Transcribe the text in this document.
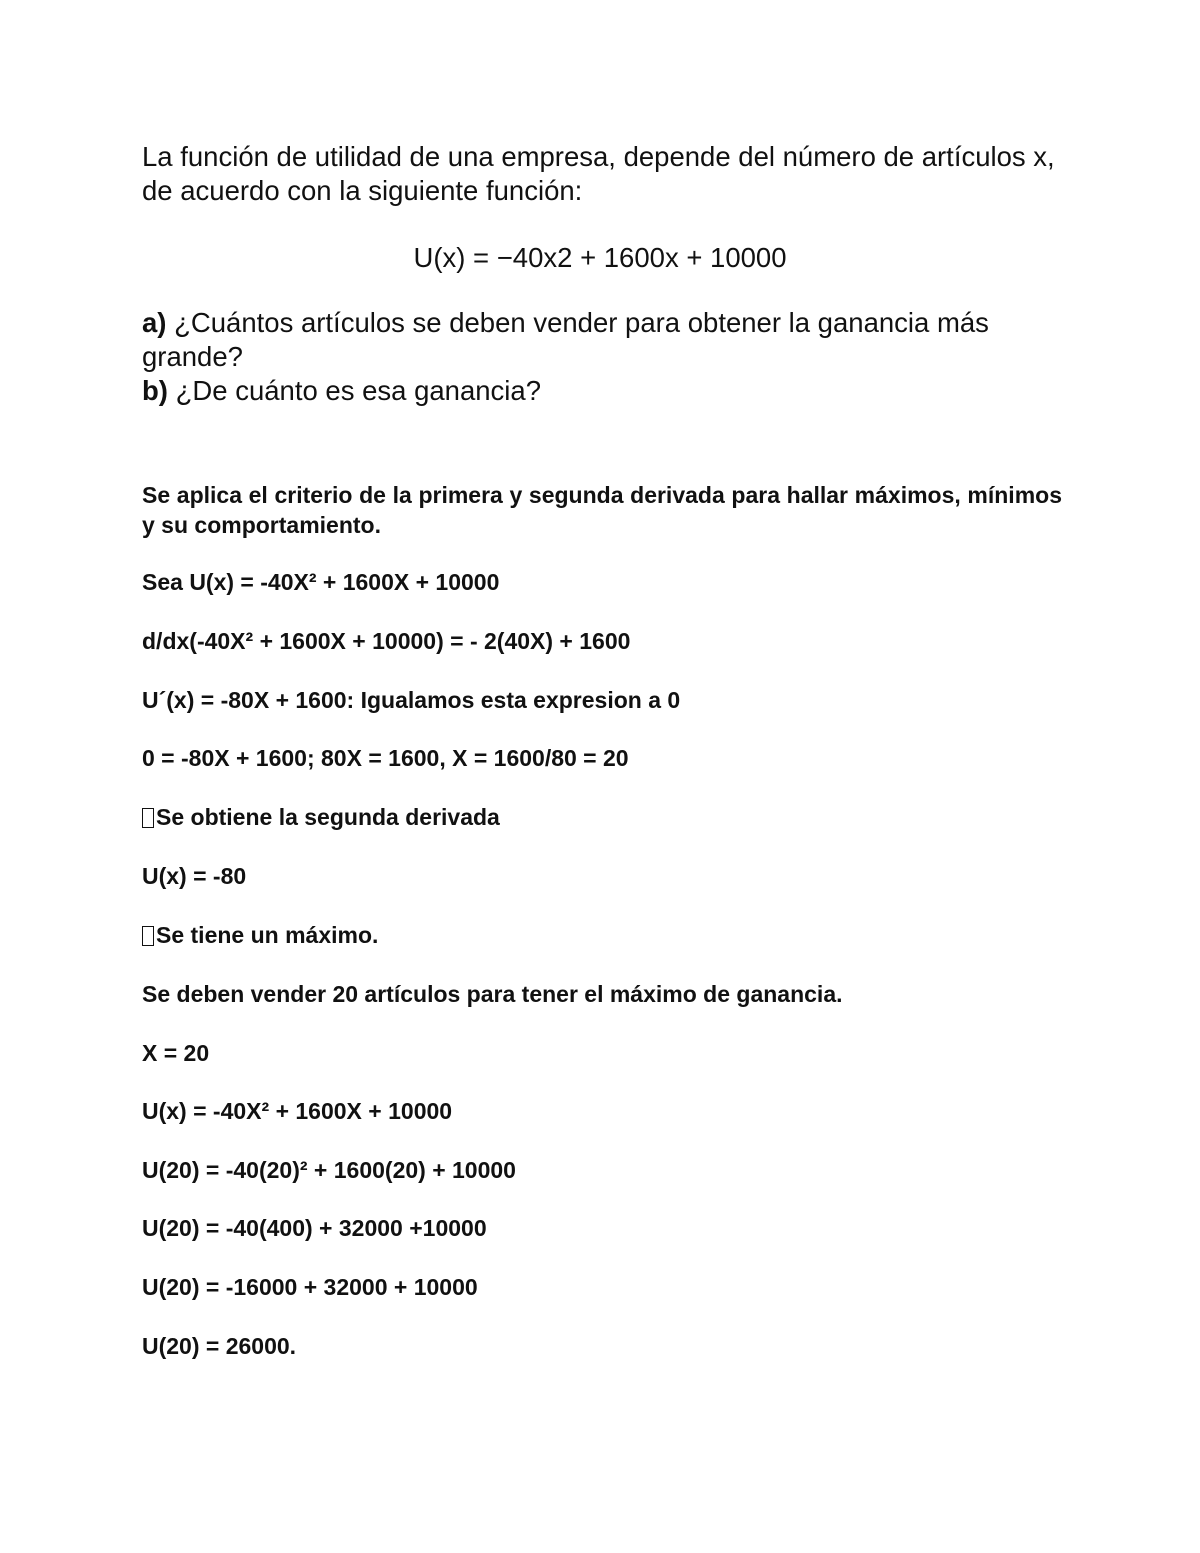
La función de utilidad de una empresa, depende del número de artículos x, de acuerdo con la siguiente función:

U(x) = −40x2 + 1600x + 10000

a) ¿Cuántos artículos se deben vender para obtener la ganancia más grande?

b) ¿De cuánto es esa ganancia?

Se aplica el criterio de la primera y segunda derivada para hallar máximos, mínimos y su comportamiento.
Sea U(x) = -40X² + 1600X + 10000
d/dx(-40X² + 1600X + 10000) = - 2(40X) + 1600
U´(x) = -80X + 1600: Igualamos esta expresion a 0
0 = -80X + 1600; 80X = 1600, X = 1600/80 = 20
Se obtiene la segunda derivada
U(x) = -80
Se tiene un máximo.
Se deben vender 20 artículos para tener el máximo de ganancia.
X = 20
U(x) = -40X² + 1600X + 10000
U(20) = -40(20)² + 1600(20) + 10000
U(20) = -40(400) + 32000 +10000
U(20) = -16000 + 32000 + 10000
U(20) = 26000.
